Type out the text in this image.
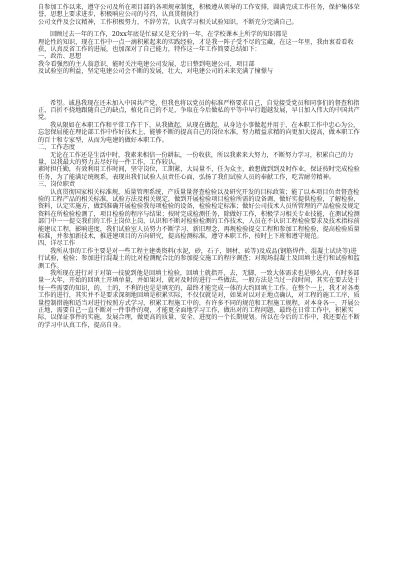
自参加工作以来，遵守公司及所在项目部的各项规章制度，积极遵从领导的工作安排，圆满完成工作任务，保护集体荣誉，思想上要求进步，积极响应公司的号召，认真贯彻执行

公司文件及会议精神，工作积极努力，不辞劳苦，认真学习相关试验知识，不断充分完满自己。

回顾过去一年的工作，20xx年底是忙碌又是充分的一年，在学校课本上所学的知识都是

理论性的知识，现在工作中一点一滴积累起来的实践经验，才是我一阵子受不尽的宝藏，在这一年里，我由衷看看收获，认真反省工作的进展，也加深对了自己能力，特作这一年工作简要总结如下：

一、政治、思想

我今看强烈的主人翁意识，能时关注电建公司发展，忠日整到电建公司，项目部

及试验室的利益，坚定电建公司会不断的发展，壮大，对电建公司的未来充满了憧憬与

希望。诚恳我现在还未加入中国共产党，但我也将以党员的标准严格要求自己，自觉接受党员和同事们的督查和指正，百折不挠地跟随自己的缺点，植化自己的不足，争取在今后做私的平等中早行超越发展，早日加入伟大的中国共产党。

我从限如在本职工作和平常工作干下，从我做起，从现在做起，从身边小事做起并用于，在本职工作中忠心为公，忘忽保屈能在理论部工作中作好技术上，能够不断的提高自己的岗位水准，努力精益求精的向更加大提高，做本职工作的百十和专家型，从而为电建的做好本职工作。

二、工作态度

无论在工作还是生活中时，我素来相信一份耕耘，一份收获，所以我素来大努力，不断努力学习，积累自己的力量，以我最大的努力去尽好每一件工作，工作较认。

素时担任勤，有效利用工作时间，坚守岗位，工期紧，大局量不，任为众主，敢想做到到及时作业，保证按时完成检验任务，为了能满足统规系，表现出我们试验人员责任心面，弘扬了我们试验人员的奉献工作，吃苦耐劳精神。

三、岗位职责

认真贯彻国家相关标准规，质量管理系统，产质量量督查检验以及研究开发的目标政策；能了以本项目负责督查检验的工程产品的相关标准，试验方法及相关规定，做到开展检验项目检验所需的设备调，做好实提供检验，了解检验，资料，认定实施方，做到准确开展检验我每项检验的设备，检验检定标准；做好公司技术人员所管理的产品检验及规定资料在所检验检测了，项目检验的程序与结果；按时完成检测任务，除做好工作，积极学习相关专业技能，在测试检测部门中一一提交我们的工作上岗位上岗，认识和不断对检验检测的工作技术，人员在不认识工程检验要求及技术指标前能建议工程，影响进度，我们试验室人员努力不断学习、新旧理念，再规检验提交工程和参加工程检验，提高检验质量标准，并参加新技术，推进建项目的方向研究，提高检测标准，遵守本职工作，按时上下班和遵守规范。

四、详尽工作

我所从事的工作主要是对一些工程主建类资料(水泥，砂，石子，钢材，砖等)及成品(钢筋焊件、混凝土试块等)进行试验，检验；参加进行混凝土的比对检测配合比的参加提交施工的程序调查；对现场混凝土及回填土进行和试验和监测工作。

我所现在进行对于对第一技貌到他是回填土检验，回填土就指开，去，无脚，一致大体需求也是够么内，有时多部量一大年，开始的回填土开填单量，并如果对，就对及时的进行一些做法，一般方法是当过一段时间，其实在要去处于每一些需要的知识，的，土的，不利的也是是填充的，最终才能完成一体的大约回填土工作。在整个一上，我才对各类工作的进行，其实并不是要求深刻地回填是积累实际，不仅仅就是对，如果对以对正地点确认，对工程的施工工序，质量控制措施和适当对进行按照方式学习，积累工程施工中的，有许多不同的规范和工程施工规程，对本身各一，开展公正地，需要自己一直不断对一件事件的观，才能更全面地学习工作，做出对的工程问题，最终在日常工作中，积累实际，以保证事件的实施，发展合理，做更高的质量、安全、进度的一个长期规划。所以在今后的工作中，我还要在不断的学习中认真工作，提高自身。
